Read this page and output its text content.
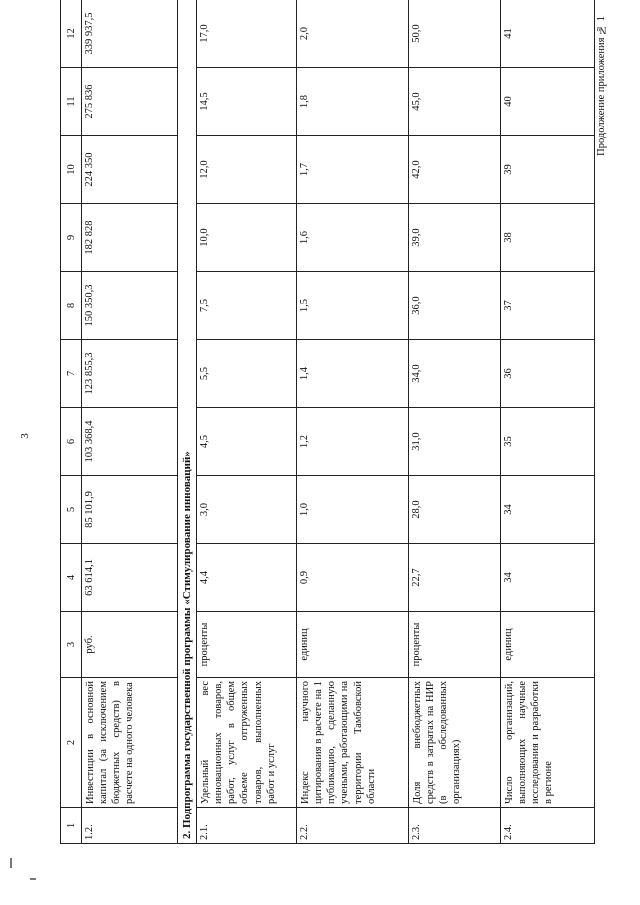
3
Продолжение приложения № 1
1	2	3	4	5	6	7	8	9	10	11	12
1.2.	Инвестиции в основной капитал (за исключением бюджетных средств) в расчете на одного человека	руб.	63 614,1	85 101,9	103 368,4	123 855,3	150 350,3	182 828	224 350	275 836	339 937,5
2. Подпрограмма государственной программы «Стимулирование инноваций»											
2.1.	Удельный вес инновационных товаров, работ, услуг в общем объеме отгруженных товаров, выполненных работ и услуг	проценты	4,4	3,0	4,5	5,5	7,5	10,0	12,0	14,5	17,0
2.2.	Индекс научного цитирования в расчете на 1 публикацию, сделанную учеными, работающими на территории Тамбовской области	единиц	0,9	1,0	1,2	1,4	1,5	1,6	1,7	1,8	2,0
2.3.	Доля внебюджетных средств в затратах на НИР (в обследованных организациях)	проценты	22,7	28,0	31,0	34,0	36,0	39,0	42,0	45,0	50,0
2.4.	Число организаций, выполняющих научные исследования и разработки в регионе	единиц	34	34	35	36	37	38	39	40	41
